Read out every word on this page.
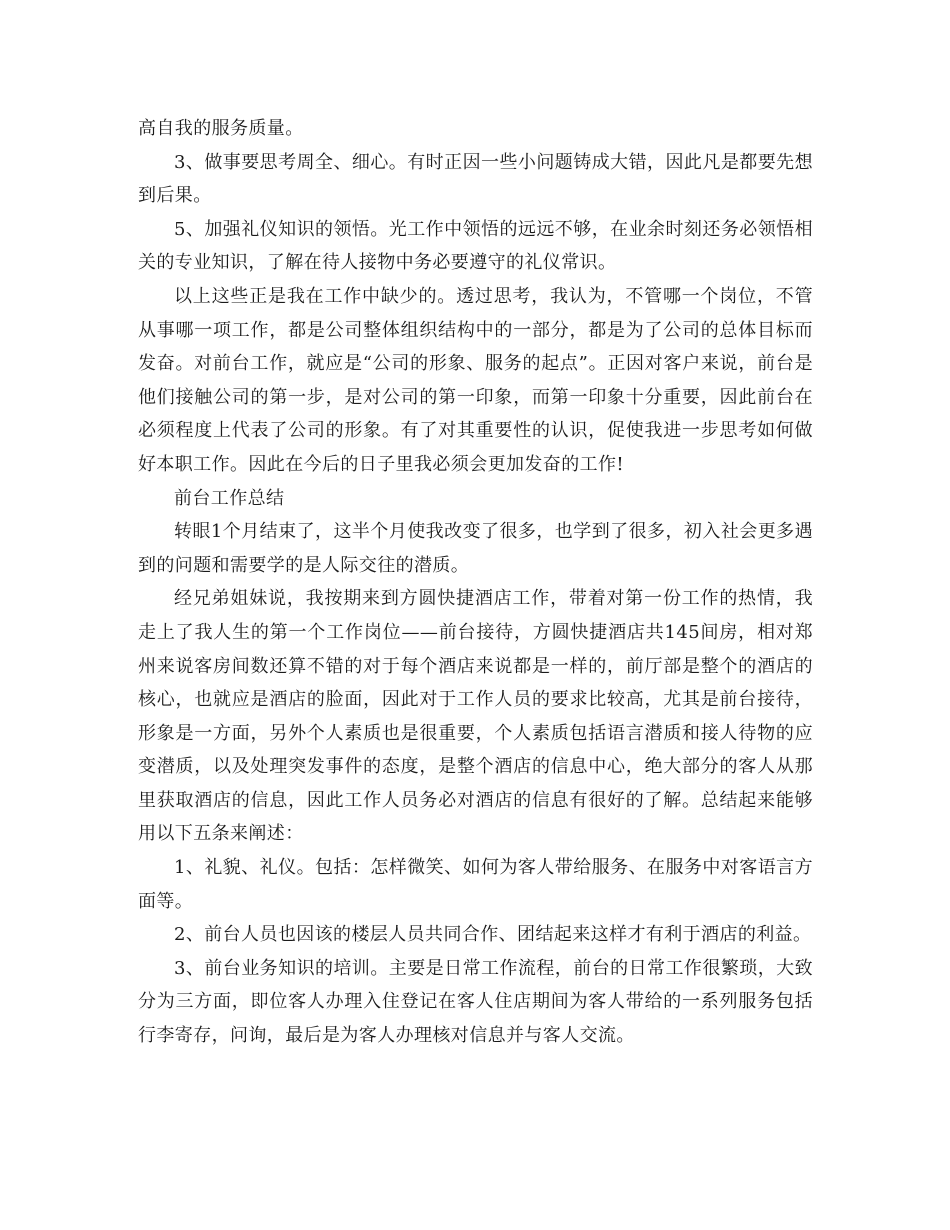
高自我的服务质量。

3、做事要思考周全、细心。有时正因一些小问题铸成大错，因此凡是都要先想到后果。

5、加强礼仪知识的领悟。光工作中领悟的远远不够，在业余时刻还务必领悟相关的专业知识，了解在待人接物中务必要遵守的礼仪常识。

以上这些正是我在工作中缺少的。透过思考，我认为，不管哪一个岗位，不管从事哪一项工作，都是公司整体组织结构中的一部分，都是为了公司的总体目标而发奋。对前台工作，就应是“公司的形象、服务的起点”。正因对客户来说，前台是他们接触公司的第一步，是对公司的第一印象，而第一印象十分重要，因此前台在必须程度上代表了公司的形象。有了对其重要性的认识，促使我进一步思考如何做好本职工作。因此在今后的日子里我必须会更加发奋的工作!

前台工作总结

转眼1个月结束了，这半个月使我改变了很多，也学到了很多，初入社会更多遇到的问题和需要学的是人际交往的潜质。

经兄弟姐妹说，我按期来到方圆快捷酒店工作，带着对第一份工作的热情，我走上了我人生的第一个工作岗位——前台接待，方圆快捷酒店共145间房，相对郑州来说客房间数还算不错的对于每个酒店来说都是一样的，前厅部是整个的酒店的核心，也就应是酒店的脸面，因此对于工作人员的要求比较高，尤其是前台接待，形象是一方面，另外个人素质也是很重要，个人素质包括语言潜质和接人待物的应变潜质，以及处理突发事件的态度，是整个酒店的信息中心，绝大部分的客人从那里获取酒店的信息，因此工作人员务必对酒店的信息有很好的了解。总结起来能够用以下五条来阐述：

1、礼貌、礼仪。包括：怎样微笑、如何为客人带给服务、在服务中对客语言方面等。

2、前台人员也因该的楼层人员共同合作、团结起来这样才有利于酒店的利益。

3、前台业务知识的培训。主要是日常工作流程，前台的日常工作很繁琐，大致分为三方面，即位客人办理入住登记在客人住店期间为客人带给的一系列服务包括行李寄存，问询，最后是为客人办理核对信息并与客人交流。
